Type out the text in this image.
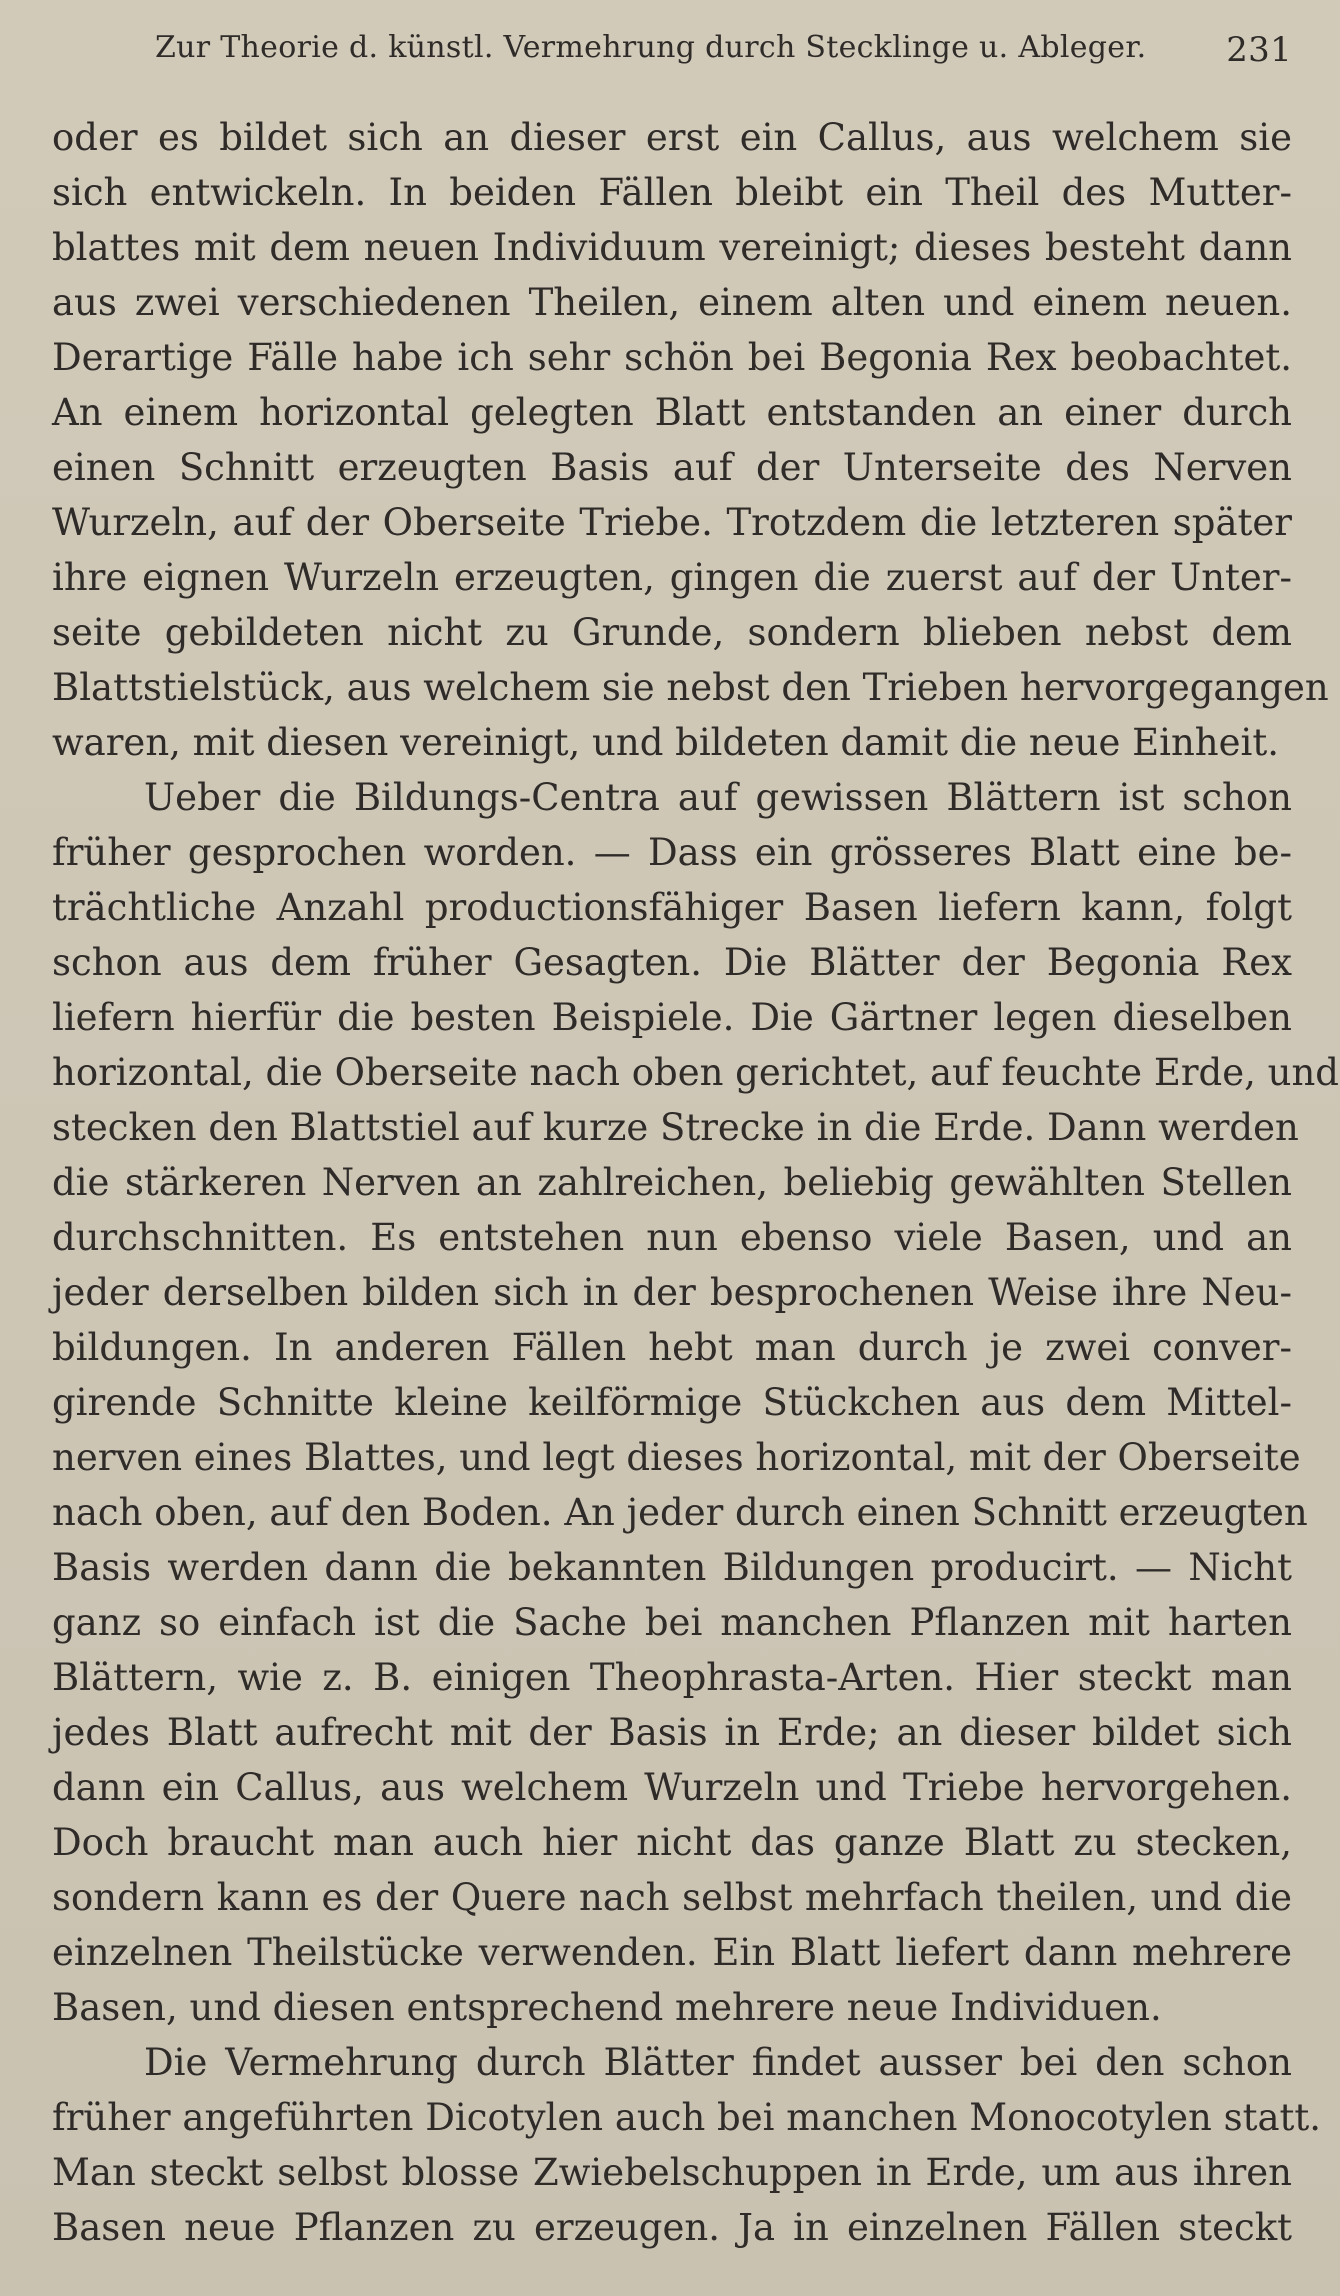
Zur Theorie d. künstl. Vermehrung durch Stecklinge u. Ableger. 231
oder es bildet sich an dieser erst ein Callus, aus welchem sie
sich entwickeln. In beiden Fällen bleibt ein Theil des Mutter-
blattes mit dem neuen Individuum vereinigt; dieses besteht dann
aus zwei verschiedenen Theilen, einem alten und einem neuen.
Derartige Fälle habe ich sehr schön bei Begonia Rex beobachtet.
An einem horizontal gelegten Blatt entstanden an einer durch
einen Schnitt erzeugten Basis auf der Unterseite des Nerven
Wurzeln, auf der Oberseite Triebe. Trotzdem die letzteren später
ihre eignen Wurzeln erzeugten, gingen die zuerst auf der Unter-
seite gebildeten nicht zu Grunde, sondern blieben nebst dem
Blattstielstück, aus welchem sie nebst den Trieben hervorgegangen
waren, mit diesen vereinigt, und bildeten damit die neue Einheit.
Ueber die Bildungs-Centra auf gewissen Blättern ist schon
früher gesprochen worden. — Dass ein grösseres Blatt eine be-
trächtliche Anzahl productionsfähiger Basen liefern kann, folgt
schon aus dem früher Gesagten. Die Blätter der Begonia Rex
liefern hierfür die besten Beispiele. Die Gärtner legen dieselben
horizontal, die Oberseite nach oben gerichtet, auf feuchte Erde, und
stecken den Blattstiel auf kurze Strecke in die Erde. Dann werden
die stärkeren Nerven an zahlreichen, beliebig gewählten Stellen
durchschnitten. Es entstehen nun ebenso viele Basen, und an
jeder derselben bilden sich in der besprochenen Weise ihre Neu-
bildungen. In anderen Fällen hebt man durch je zwei conver-
girende Schnitte kleine keilförmige Stückchen aus dem Mittel-
nerven eines Blattes, und legt dieses horizontal, mit der Oberseite
nach oben, auf den Boden. An jeder durch einen Schnitt erzeugten
Basis werden dann die bekannten Bildungen producirt. — Nicht
ganz so einfach ist die Sache bei manchen Pflanzen mit harten
Blättern, wie z. B. einigen Theophrasta-Arten. Hier steckt man
jedes Blatt aufrecht mit der Basis in Erde; an dieser bildet sich
dann ein Callus, aus welchem Wurzeln und Triebe hervorgehen.
Doch braucht man auch hier nicht das ganze Blatt zu stecken,
sondern kann es der Quere nach selbst mehrfach theilen, und die
einzelnen Theilstücke verwenden. Ein Blatt liefert dann mehrere
Basen, und diesen entsprechend mehrere neue Individuen.
Die Vermehrung durch Blätter findet ausser bei den schon
früher angeführten Dicotylen auch bei manchen Monocotylen statt.
Man steckt selbst blosse Zwiebelschuppen in Erde, um aus ihren
Basen neue Pflanzen zu erzeugen. Ja in einzelnen Fällen steckt
